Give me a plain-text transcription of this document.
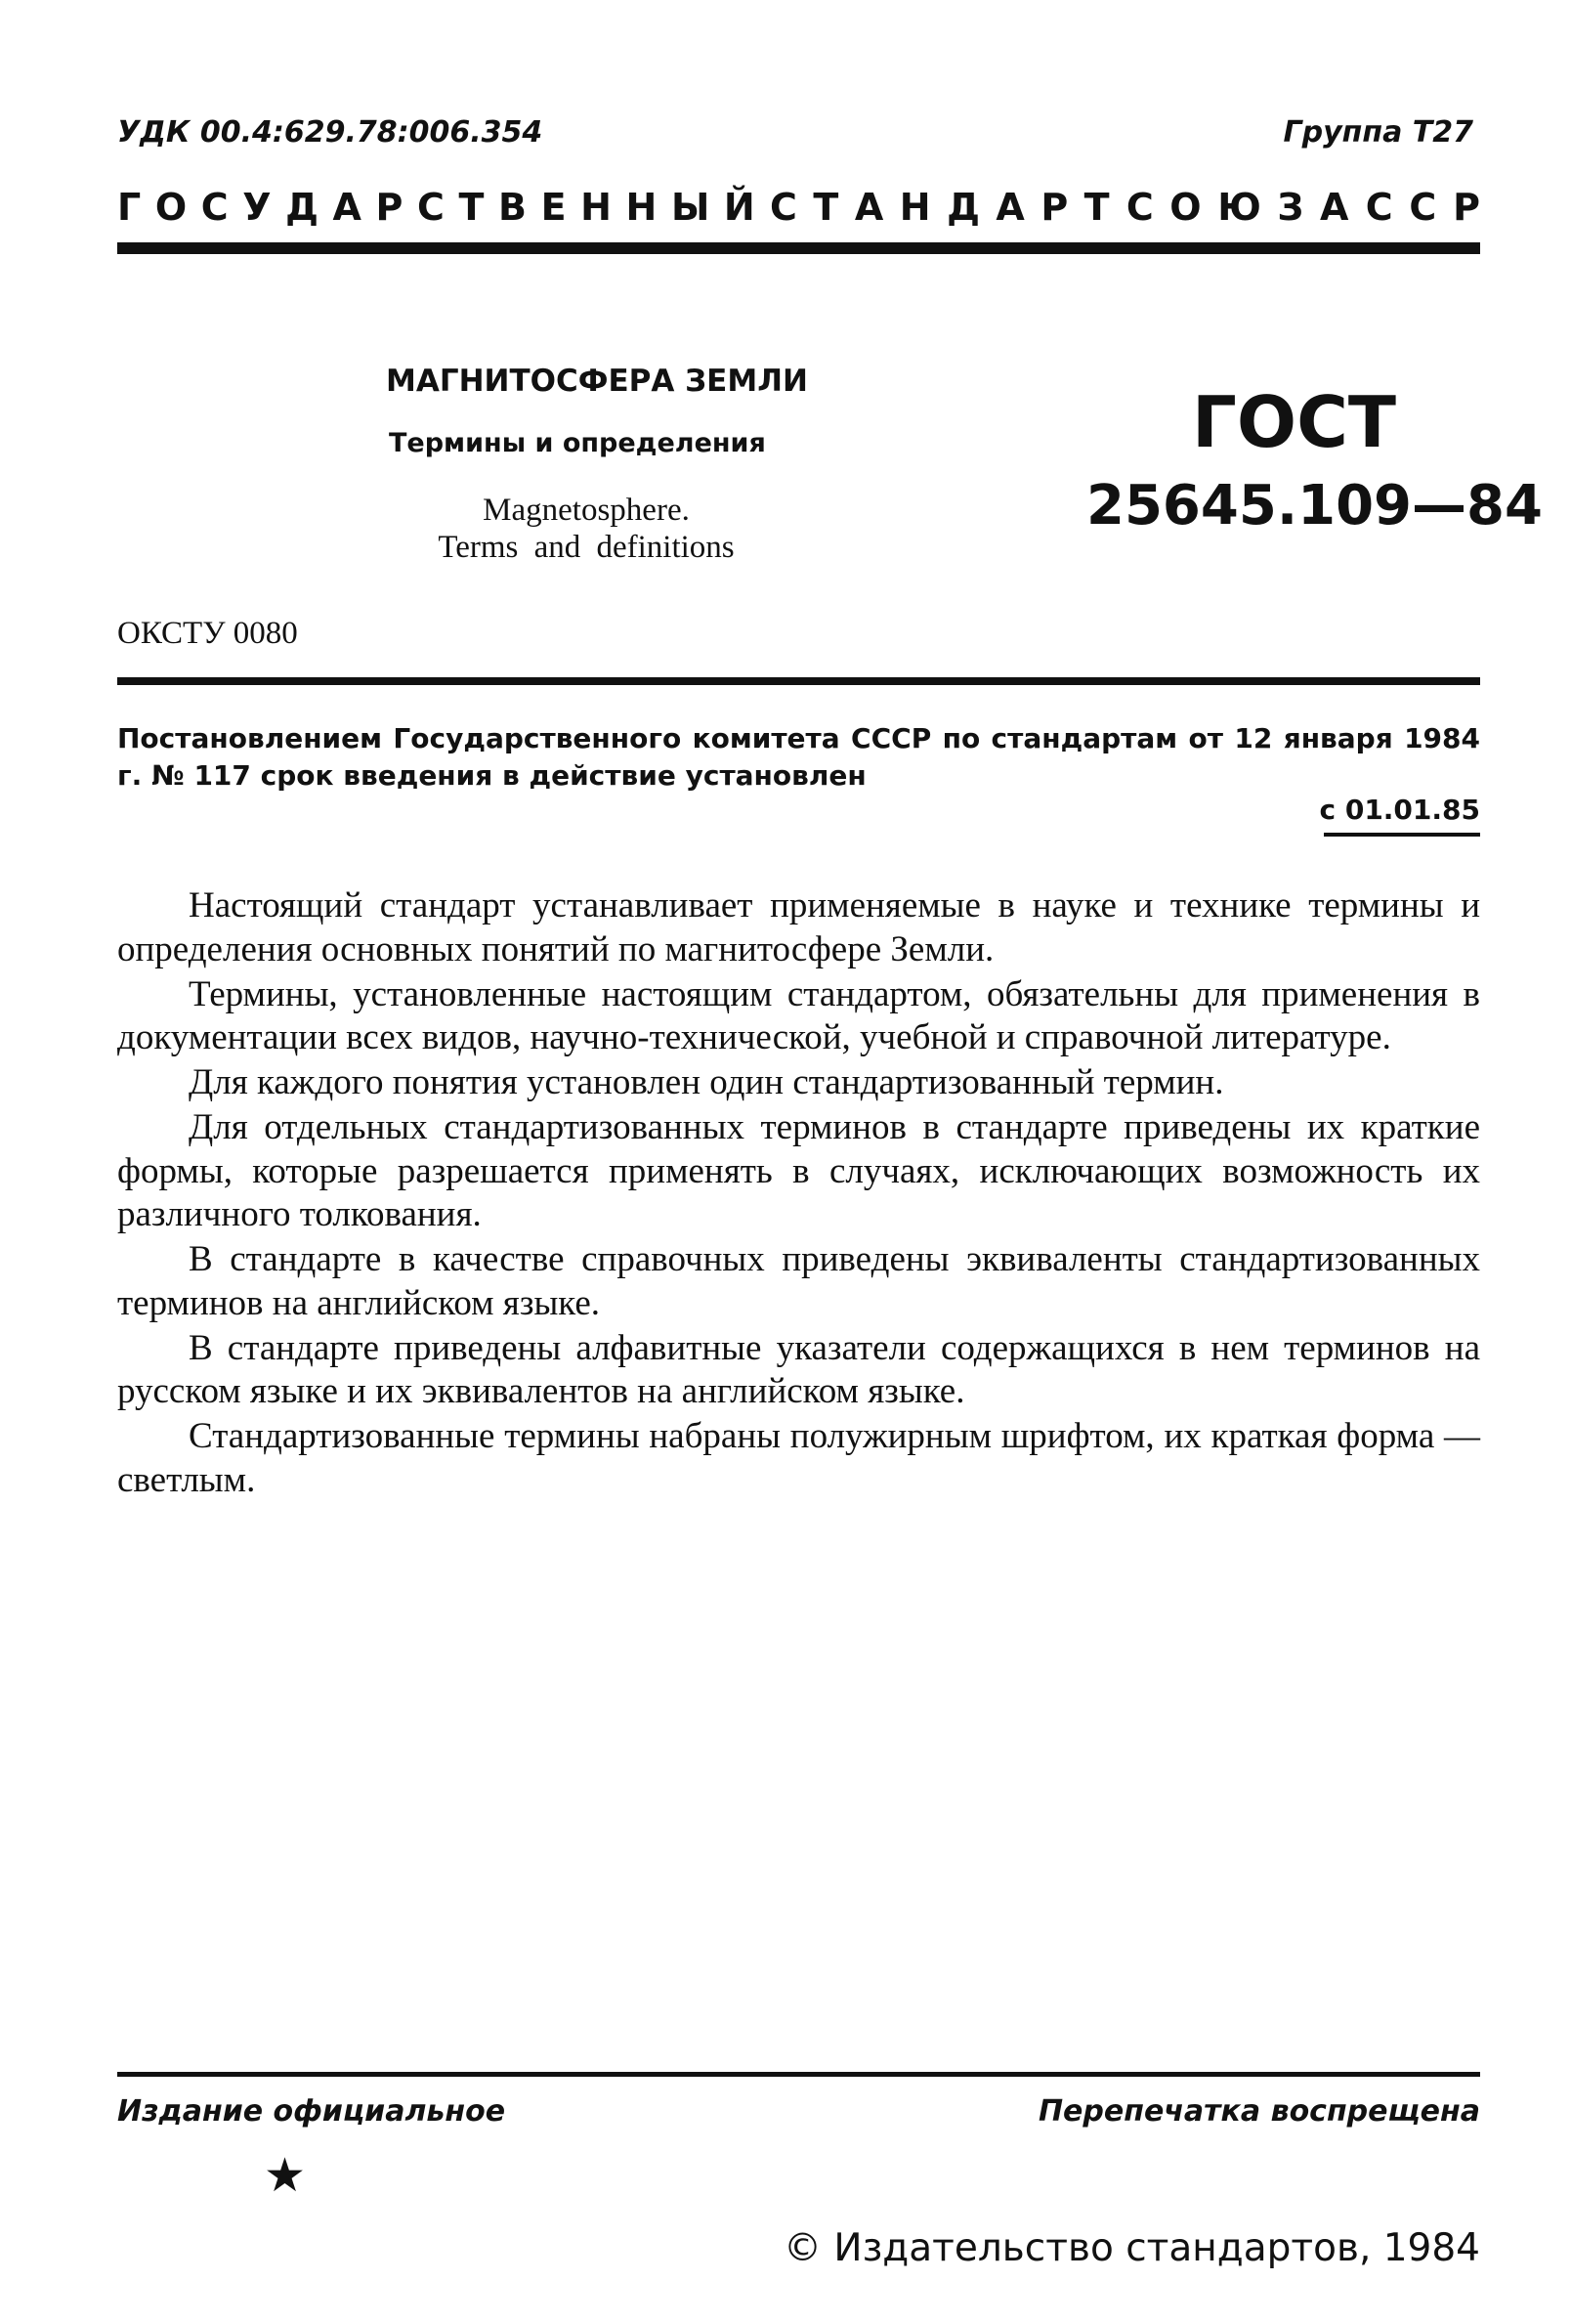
УДК 00.4:629.78:006.354	Группа Т27
ГОСУДАРСТВЕННЫЙ СТАНДАРТ СОЮЗА ССР
МАГНИТОСФЕРА ЗЕМЛИ
Термины и определения
Magnetosphere.
Terms and definitions
ГОСТ
25645.109—84
ОКСТУ 0080
Постановлением Государственного комитета СССР по стандартам от 12 января 1984 г. № 117 срок введения в действие установлен
с 01.01.85

Настоящий стандарт устанавливает применяемые в науке и технике термины и определения основных понятий по магнитосфере Земли.

Термины, установленные настоящим стандартом, обязательны для применения в документации всех видов, научно-технической, учебной и справочной литературе.

Для каждого понятия установлен один стандартизованный термин.

Для отдельных стандартизованных терминов в стандарте приведены их краткие формы, которые разрешается применять в случаях, исключающих возможность их различного толкования.

В стандарте в качестве справочных приведены эквиваленты стандартизованных терминов на английском языке.

В стандарте приведены алфавитные указатели содержащихся в нем терминов на русском языке и их эквивалентов на английском языке.

Стандартизованные термины набраны полужирным шрифтом, их краткая форма — светлым.

Издание официальное	Перепечатка воспрещена
★
© Издательство стандартов, 1984
